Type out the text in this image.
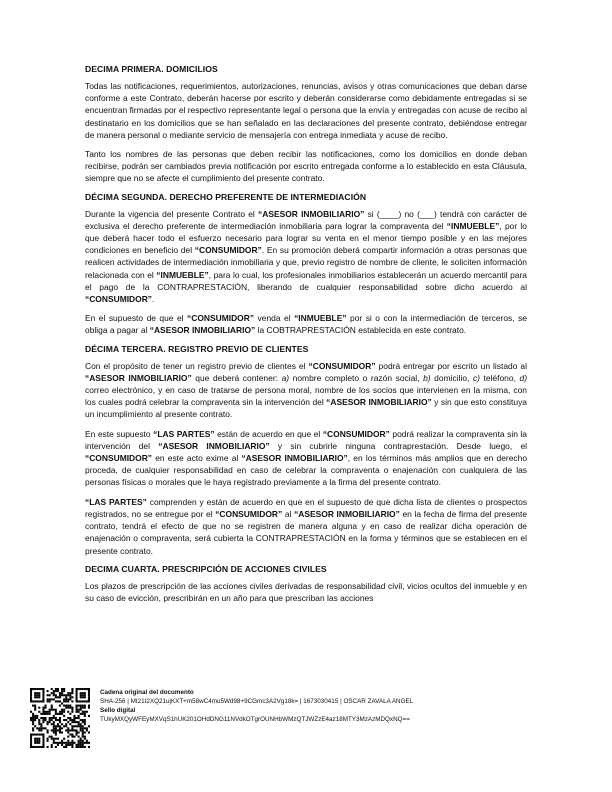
DECIMA PRIMERA. DOMICILIOS

Todas las notificaciones, requerimientos, autorizaciones, renuncias, avisos y otras comunicaciones que deban darse conforme a este Contrato, deberán hacerse por escrito y deberán considerarse como debidamente entregadas si se encuentran firmadas por el respectivo representante legal o persona que la envía y entregadas con acuse de recibo al destinatario en los domicilios que se han señalado en las declaraciones del presente contrato, debiéndose entregar de manera personal o mediante servicio de mensajería con entrega inmediata y acuse de recibo.

Tanto los nombres de las personas que deben recibir las notificaciones, como los domicilios en donde deban recibirse, podrán ser cambiados previa notificación por escrito entregada conforme a lo establecido en esta Cláusula, siempre que no se afecte el cumplimiento del presente contrato.

DÉCIMA SEGUNDA. DERECHO PREFERENTE DE INTERMEDIACIÓN

Durante la vigencia del presente Contrato el “ASESOR INMOBILIARIO” si (____) no (___) tendrá con carácter de exclusiva el derecho preferente de intermediación inmobiliaria para lograr la compraventa del “INMUEBLE”, por lo que deberá hacer todo el esfuerzo necesario para lograr su venta en el menor tiempo posible y en las mejores condiciones en beneficio del “CONSUMIDOR”. En su promoción deberá compartir información a otras personas que realicen actividades de intermediación inmobiliaria y que, previo registro de nombre de cliente, le soliciten información relacionada con el “INMUEBLE”, para lo cual, los profesionales inmobiliarios establecerán un acuerdo mercantil para el pago de la CONTRAPRESTACIÓN, liberando de cualquier responsabilidad sobre dicho acuerdo al “CONSUMIDOR”.

En el supuesto de que el “CONSUMIDOR” venda el “INMUEBLE” por si o con la intermediación de terceros, se obliga a pagar al “ASESOR INMOBILIARIO” la COBTRAPRESTACIÓN establecida en este contrato.

DÉCIMA TERCERA. REGISTRO PREVIO DE CLIENTES

Con el propósito de tener un registro previo de clientes el “CONSUMIDOR” podrá entregar por escrito un listado al “ASESOR INMOBILIARIO” que deberá contener: a) nombre completo o razón social, b) domicilio, c) teléfono, d) correo electrónico, y en caso de tratarse de persona moral, nombre de los socios que intervienen en la misma, con los cuales podrá celebrar la compraventa sin la intervención del “ASESOR INMOBILIARIO” y sin que esto constituya un incumplimiento al presente contrato.

En este supuesto “LAS PARTES” están de acuerdo en que el “CONSUMIDOR” podrá realizar la compraventa sin la intervención del “ASESOR INMOBILIARIO” y sin cubrirle ninguna contraprestación. Desde luego, el “CONSUMIDOR” en este acto exime al “ASESOR INMOBILIARIO”, en los términos más amplios que en derecho proceda, de cualquier responsabilidad en caso de celebrar la compraventa o enajenación con cualquiera de las personas físicas o morales que le haya registrado previamente a la firma del presente contrato.

“LAS PARTES” comprenden y están de acuerdo en que en el supuesto de que dicha lista de clientes o prospectos registrados, no se entregue por el “CONSUMIDOR” al “ASESOR INMOBILIARIO” en la fecha de firma del presente contrato, tendrá el efecto de que no se registren de manera alguna y en caso de realizar dicha operación de enajenación o compraventa, será cubierta la CONTRAPRESTACIÓN en la forma y términos que se establecen en el presente contrato.

DECIMA CUARTA. PRESCRIPCIÓN DE ACCIONES CIVILES

Los plazos de prescripción de las acciones civiles derivadas de responsabilidad civil, vicios ocultos del inmueble y en su caso de evicción, prescribirán en un año para que prescriban las acciones

Cadena original del documento
SHA-256 | MI21t2XQ21ujKXT+m58wC4mu5Wd98+9CGmc3A2Vg18k= | 1673030415 | OSCAR ZAVALA ANGEL
Sello digital
TUkyMXQyWFEyMXVqS1hUK201OHdDNG11NVdkOTgrOUNHbWMzQTJWZzE4az18MTY3MzAzMDQxNQ==
